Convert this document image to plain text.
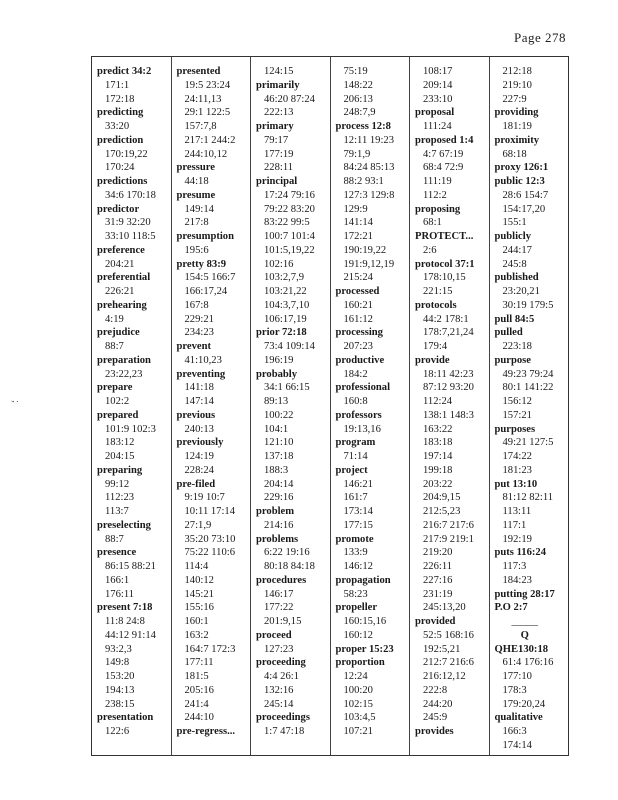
Page 278
;
predict 34:2
171:1
172:18
predicting
33:20
prediction
170:19,22
170:24
predictions
34:6 170:18
predictor
31:9 32:20
33:10 118:5
preference
204:21
preferential
226:21
prehearing
4:19
prejudice
88:7
preparation
23:22,23
prepare
102:2
prepared
101:9 102:3
183:12
204:15
preparing
99:12
112:23
113:7
preselecting
88:7
presence
86:15 88:21
166:1
176:11
present 7:18
11:8 24:8
44:12 91:14
93:2,3
149:8
153:20
194:13
238:15
presentation
122:6
presented
19:5 23:24
24:11,13
29:1 122:5
157:7,8
217:1 244:2
244:10,12
pressure
44:18
presume
149:14
217:8
presumption
195:6
pretty 83:9
154:5 166:7
166:17,24
167:8
229:21
234:23
prevent
41:10,23
preventing
141:18
147:14
previous
240:13
previously
124:19
228:24
pre-filed
9:19 10:7
10:11 17:14
27:1,9
35:20 73:10
75:22 110:6
114:4
140:12
145:21
155:16
160:1
163:2
164:7 172:3
177:11
181:5
205:16
241:4
244:10
pre-regress...
124:15
primarily
46:20 87:24
222:13
primary
79:17
177:19
228:11
principal
17:24 79:16
79:22 83:20
83:22 99:5
100:7 101:4
101:5,19,22
102:16
103:2,7,9
103:21,22
104:3,7,10
106:17,19
prior 72:18
73:4 109:14
196:19
probably
34:1 66:15
89:13
100:22
104:1
121:10
137:18
188:3
204:14
229:16
problem
214:16
problems
6:22 19:16
80:18 84:18
procedures
146:17
177:22
201:9,15
proceed
127:23
proceeding
4:4 26:1
132:16
245:14
proceedings
1:7 47:18
75:19
148:22
206:13
248:7,9
process 12:8
12:11 19:23
79:1,9
84:24 85:13
88:2 93:1
127:3 129:8
129:9
141:14
172:21
190:19,22
191:9,12,19
215:24
processed
160:21
161:12
processing
207:23
productive
184:2
professional
160:8
professors
19:13,16
program
71:14
project
146:21
161:7
173:14
177:15
promote
133:9
146:12
propagation
58:23
propeller
160:15,16
160:12
proper 15:23
proportion
12:24
100:20
102:15
103:4,5
107:21
108:17
209:14
233:10
proposal
111:24
proposed 1:4
4:7 67:19
68:4 72:9
111:19
112:2
proposing
68:1
PROTECT...
2:6
protocol 37:1
178:10,15
221:15
protocols
44:2 178:1
178:7,21,24
179:4
provide
18:11 42:23
87:12 93:20
112:24
138:1 148:3
163:22
183:18
197:14
199:18
203:22
204:9,15
212:5,23
216:7 217:6
217:9 219:1
219:20
226:11
227:16
231:19
245:13,20
provided
52:5 168:16
192:5,21
212:7 216:6
216:12,12
222:8
244:20
245:9
provides
212:18
219:10
227:9
providing
181:19
proximity
68:18
proxy 126:1
public 12:3
28:6 154:7
154:17,20
155:1
publicly
244:17
245:8
published
23:20,21
30:19 179:5
pull 84:5
pulled
223:18
purpose
49:23 79:24
80:1 141:22
156:12
157:21
purposes
49:21 127:5
174:22
181:23
put 13:10
81:12 82:11
113:11
117:1
192:19
puts 116:24
117:3
184:23
putting 28:17
P.O 2:7
_____
Q
QHE130:18
61:4 176:16
177:10
178:3
179:20,24
qualitative
166:3
174:14
